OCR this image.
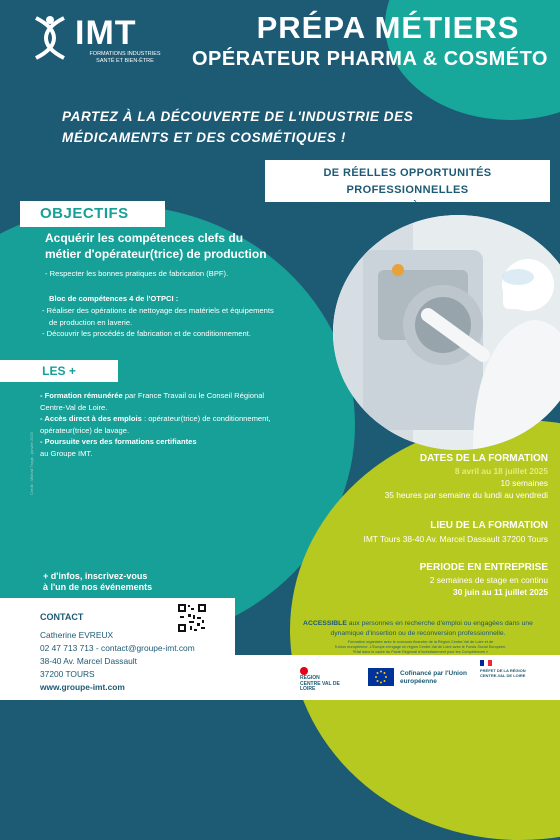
IMT
FORMATIONS INDUSTRIES SANTÉ ET BIEN-ÊTRE
PRÉPA MÉTIERS
OPÉRATEUR PHARMA & COSMÉTO
PARTEZ À LA DÉCOUVERTE DE L'INDUSTRIE DES
MÉDICAMENTS ET DES COSMÉTIQUES !
DE RÉELLES OPPORTUNITÉS PROFESSIONNELLES
VOUS ATTENDENT PRÈS DE CHEZ VOUS...
OBJECTIFS
Acquérir les compétences clefs du
métier d'opérateur(trice) de production
- Respecter les bonnes pratiques de fabrication (BPF).
Bloc de compétences 4 de l'OTPCI :
- Réaliser des opérations de nettoyage des matériels et équipements
de production en laverie.
- Découvrir les procédés de fabrication et de conditionnement.
LES +
- Formation rémunérée par France Travail ou le Conseil Régional
Centre-Val de Loire.
- Accès direct à des emplois : opérateur(trice) de conditionnement,
opérateur(trice) de lavage.
- Poursuite vers des formations certifiantes
au Groupe IMT.
Crédit : Mikhail Tragit - janvier 2025	DATES DE LA FORMATION
8 avril au 18 juillet 2025
10 semaines
35 heures par semaine du lundi au vendredi
LIEU DE LA FORMATION
IMT Tours 38-40 Av. Marcel Dassault 37200 Tours
PERIODE EN ENTREPRISE
2 semaines de stage en continu
30 juin au 11 juillet 2025
+ d'infos, inscrivez-vous
à l'un de nos événements
CONTACT
Catherine EVREUX
02 47 713 713 - contact@groupe-imt.com
38-40 Av. Marcel Dassault
37200 TOURS
www.groupe-imt.com
ACCESSIBLE aux personnes en recherche d'emploi ou engagées dans une
dynamique d'insertion ou de reconversion professionnelle.
Formation organisée avec le concours financier de la Région Centre-Val de Loire et de
l'Union européenne. L'Europe s'engage en région Centre-Val de Loire avec le Fonds Social Européen.
*Etat dans le cadre du Pacte Régional d'investissement pour les Compétences »
RÉGION CENTRE VAL DE LOIRE
Cofinancé par l'Union européenne
PRÉFET DE LA RÉGION CENTRE-VAL DE LOIRE
